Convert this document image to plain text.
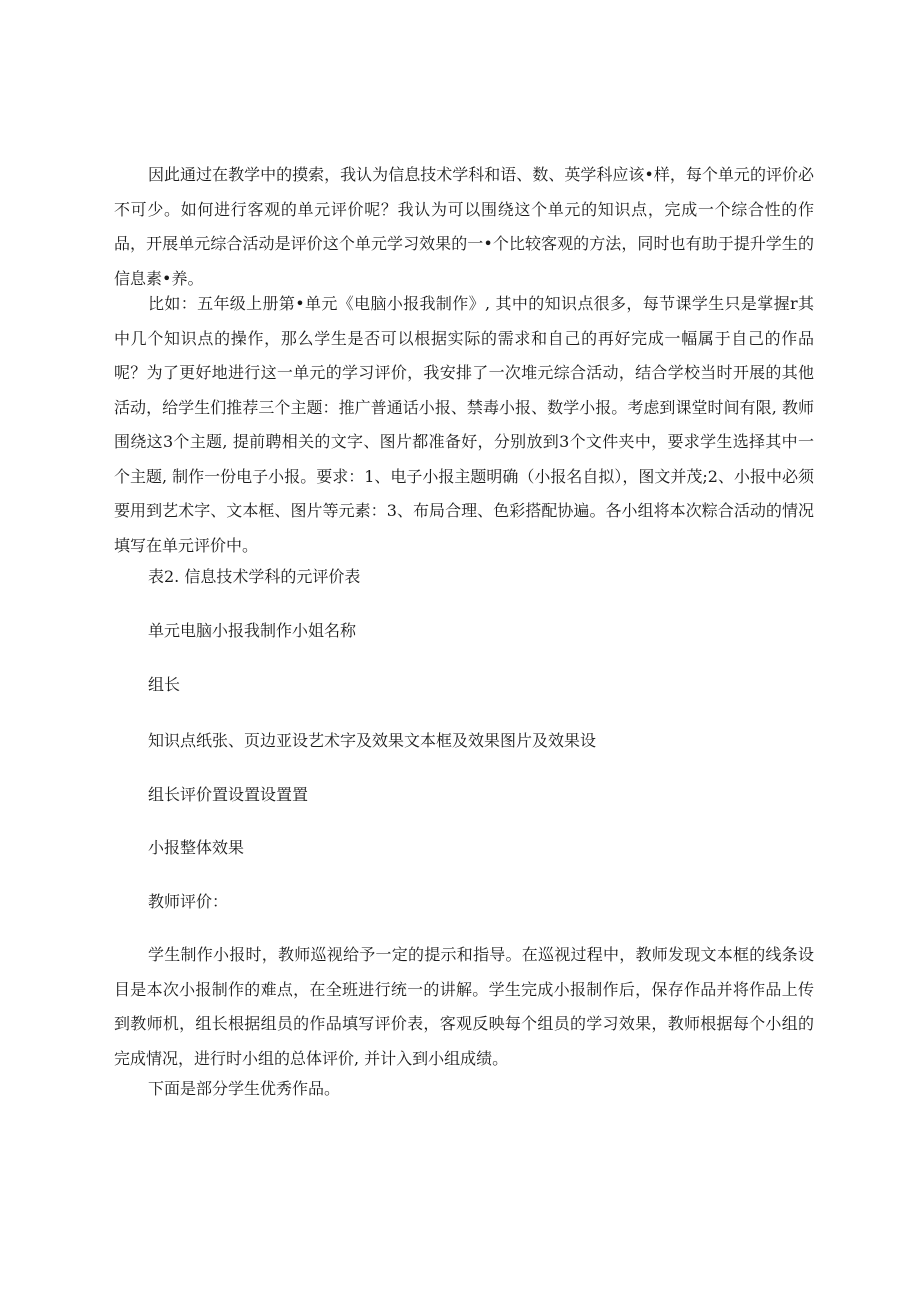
因此通过在教学中的摸索，我认为信息技术学科和语、数、英学科应该•样，每个单元的评价必不可少。如何进行客观的单元评价呢？我认为可以围绕这个单元的知识点，完成一个综合性的作品，开展单元综合活动是评价这个单元学习效果的一•个比较客观的方法，同时也有助于提升学生的信息素•养。

比如：五年级上册第•单元《电脑小报我制作》, 其中的知识点很多，每节课学生只是掌握r其中几个知识点的操作，那么学生是否可以根据实际的需求和自己的再好完成一幅属于自己的作品呢？为了更好地进行这一单元的学习评价，我安排了一次堆元综合活动，结合学校当时开展的其他活动，给学生们推荐三个主题：推广普通话小报、禁毒小报、数学小报。考虑到课堂时间有限, 教师围绕这3个主题, 提前聘相关的文字、图片都准备好，分别放到3个文件夹中，要求学生选择其中一个主题, 制作一份电子小报。要求：1、电子小报主题明确（小报名自拟），图文并茂;2、小报中必须要用到艺术字、文本框、图片等元素：3、布局合理、色彩搭配协遍。各小组将本次粽合活动的情况填写在单元评价中。

表2. 信息技术学科的元评价表
单元电脑小报我制作小姐名称
组长
知识点纸张、页边亚设艺术字及效果文本框及效果图片及效果设
组长评价置设置设置置
小报整体效果
教师评价：

学生制作小报时，教师巡视给予一定的提示和指导。在巡视过程中，教师发现文本框的线条设目是本次小报制作的难点，在全班进行统一的讲解。学生完成小报制作后，保存作品并将作品上传到教师机，组长根据组员的作品填写评价表，客观反映每个组员的学习效果，教师根据每个小组的完成情况，进行时小组的总体评价, 并计入到小组成绩。

下面是部分学生优秀作品。
